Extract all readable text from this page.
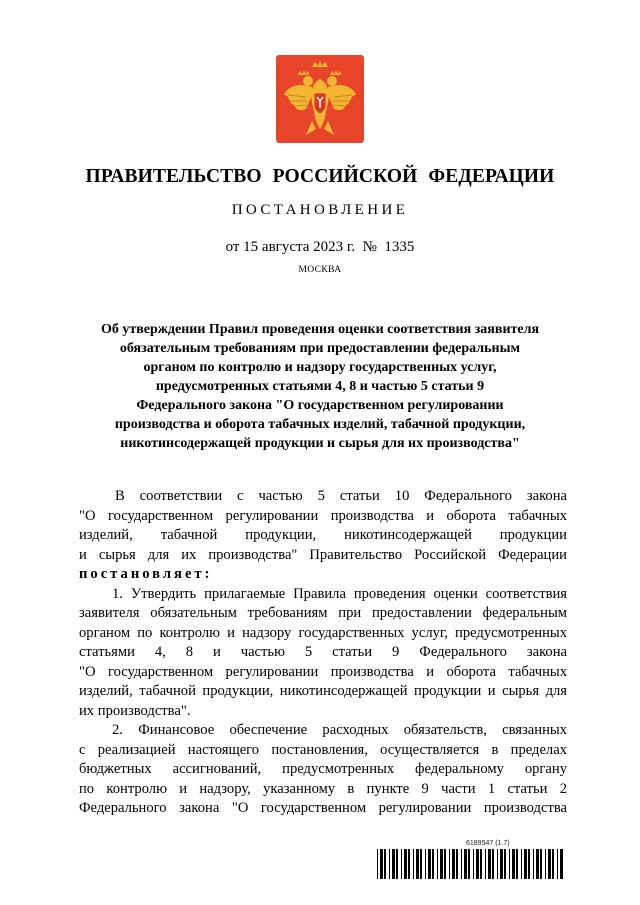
ПРАВИТЕЛЬСТВО РОССИЙСКОЙ ФЕДЕРАЦИИ
ПОСТАНОВЛЕНИЕ
от 15 августа 2023 г.  №  1335
МОСКВА
Об утверждении Правил проведения оценки соответствия заявителя
обязательным требованиям при предоставлении федеральным
органом по контролю и надзору государственных услуг,
предусмотренных статьями 4, 8 и частью 5 статьи 9
Федерального закона "О государственном регулировании
производства и оборота табачных изделий, табачной продукции,
никотинсодержащей продукции и сырья для их производства"
В соответствии с частью 5 статьи 10 Федерального закона
"О государственном регулировании производства и оборота табачных
изделий, табачной продукции, никотинсодержащей продукции
и сырья для их производства" Правительство Российской Федерации
постановляет:
1. Утвердить прилагаемые Правила проведения оценки соответствия
заявителя обязательным требованиям при предоставлении федеральным
органом по контролю и надзору государственных услуг, предусмотренных
статьями 4, 8 и частью 5 статьи 9 Федерального закона
"О государственном регулировании производства и оборота табачных
изделий, табачной продукции, никотинсодержащей продукции и сырья для
их производства".
2. Финансовое обеспечение расходных обязательств, связанных
с реализацией настоящего постановления, осуществляется в пределах
бюджетных ассигнований, предусмотренных федеральному органу
по контролю и надзору, указанному в пункте 9 части 1 статьи 2
Федерального закона "О государственном регулировании производства
6189547 (1.7)
